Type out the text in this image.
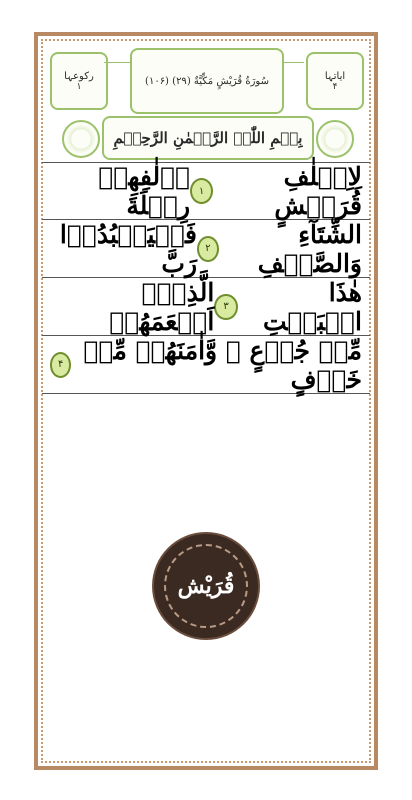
رکوعہا
۱	(۱۰۶) سُورَةُ قُرَيْشٍ مَكِّيَّةٌ (۲۹)	ایاتہا
۴
بِسۡمِ اللّٰہِ الرَّحۡمٰنِ الرَّحِیۡمِ
لِاِيۡلٰفِ قُرَيۡشٍ
۱
اٖلٰفِهِمۡ رِحۡلَةَ
الشِّتَآءِ وَالصَّيۡفِ
۲
فَلۡيَعۡبُدُوۡا رَبَّ
هٰذَا الۡبَيۡتِ
۳
الَّذِىۡۤ اَطۡعَمَهُمۡ
مِّنۡ جُوۡعٍ ۙ وَّاٰمَنَهُمۡ مِّنۡ خَوۡفٍ
۴
قُرَيْش
